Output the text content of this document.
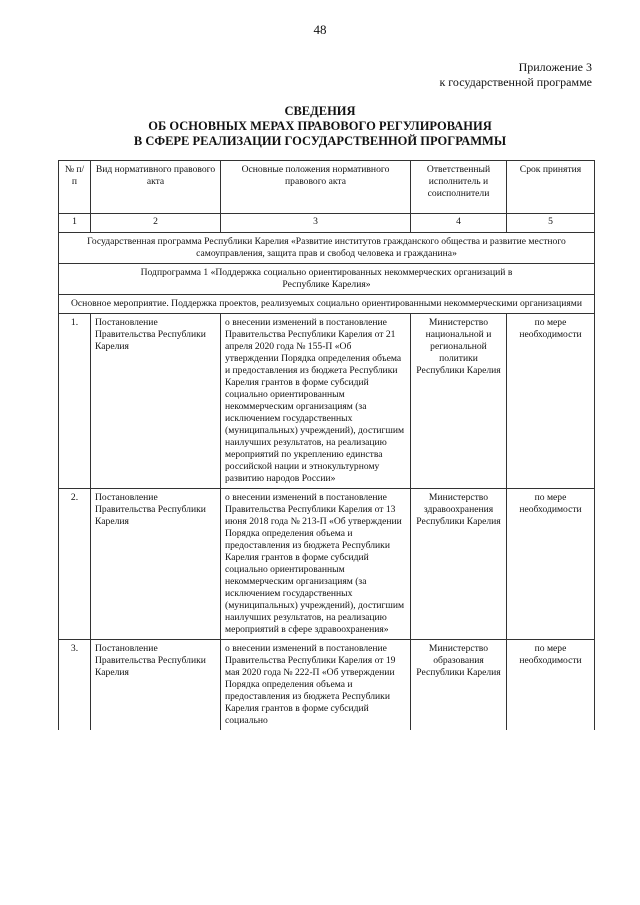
48
Приложение 3
к государственной программе
СВЕДЕНИЯ
ОБ ОСНОВНЫХ МЕРАХ ПРАВОВОГО РЕГУЛИРОВАНИЯ
В СФЕРЕ РЕАЛИЗАЦИИ ГОСУДАРСТВЕННОЙ ПРОГРАММЫ
№ п/п	Вид нормативного правового акта	Основные положения нормативного правового акта	Ответственный исполнитель и соисполнители	Срок принятия
1	2	3	4	5
Государственная программа Республики Карелия «Развитие институтов гражданского общества и развитие местного самоуправления, защита прав и свобод человека и гражданина»				
Подпрограмма 1 «Поддержка социально ориентированных некоммерческих организаций в Республике Карелия»				
Основное мероприятие. Поддержка проектов, реализуемых социально ориентированными некоммерческими организациями				
1.	Постановление Правительства Республики Карелия	о внесении изменений в постановление Правительства Республики Карелия от 21 апреля 2020 года № 155-П «Об утверждении Порядка определения объема и предоставления из бюджета Республики Карелия грантов в форме субсидий социально ориентированным некоммерческим организациям (за исключением государственных (муниципальных) учреждений), достигшим наилучших результатов, на реализацию мероприятий по укреплению единства российской нации и этнокультурному развитию народов России»	Министерство национальной и региональной политики Республики Карелия	по мере необходимости
2.	Постановление Правительства Республики Карелия	о внесении изменений в постановление Правительства Республики Карелия от 13 июня 2018 года № 213-П «Об утверждении Порядка определения объема и предоставления из бюджета Республики Карелия грантов в форме субсидий социально ориентированным некоммерческим организациям (за исключением государственных (муниципальных) учреждений), достигшим наилучших результатов, на реализацию мероприятий в сфере здравоохранения»	Министерство здравоохранения Республики Карелия	по мере необходимости
3.	Постановление Правительства Республики Карелия	о внесении изменений в постановление Правительства Республики Карелия от 19 мая 2020 года № 222-П «Об утверждении Порядка определения объема и предоставления из бюджета Республики Карелия грантов в форме субсидий социально	Министерство образования Республики Карелия	по мере необходимости
